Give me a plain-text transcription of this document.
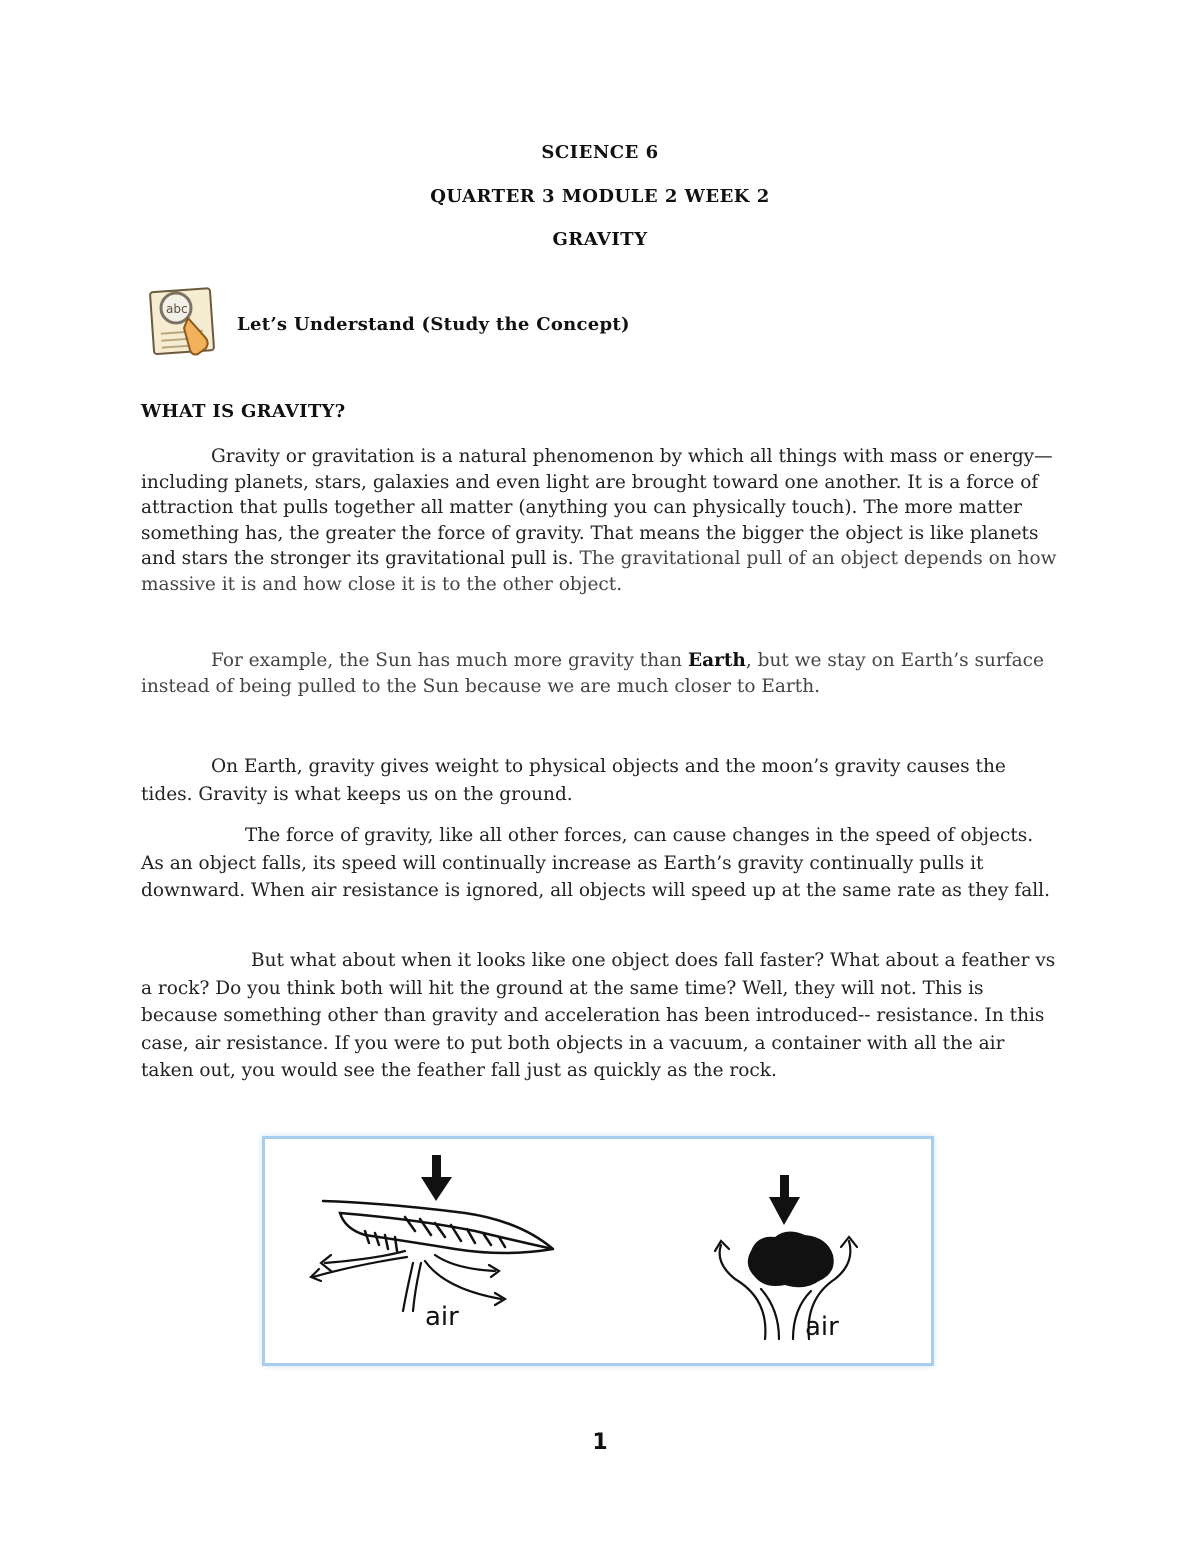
SCIENCE 6
QUARTER 3 MODULE 2 WEEK 2
GRAVITY
abc
Let’s Understand (Study the Concept)
WHAT IS GRAVITY?

Gravity or gravitation is a natural phenomenon by which all things with mass or energy—including planets, stars, galaxies and even light are brought toward one another. It is a force of attraction that pulls together all matter (anything you can physically touch). The more matter something has, the greater the force of gravity. That means the bigger the object is like planets and stars the stronger its gravitational pull is. The gravitational pull of an object depends on how massive it is and how close it is to the other object.

For example, the Sun has much more gravity than Earth, but we stay on Earth’s surface instead of being pulled to the Sun because we are much closer to Earth.

On Earth, gravity gives weight to physical objects and the moon’s gravity causes the tides. Gravity is what keeps us on the ground.

The force of gravity, like all other forces, can cause changes in the speed of objects. As an object falls, its speed will continually increase as Earth’s gravity continually pulls it downward. When air resistance is ignored, all objects will speed up at the same rate as they fall.

But what about when it looks like one object does fall faster? What about a feather vs a rock? Do you think both will hit the ground at the same time? Well, they will not. This is because something other than gravity and acceleration has been introduced-- resistance. In this case, air resistance. If you were to put both objects in a vacuum, a container with all the air taken out, you would see the feather fall just as quickly as the rock.

air	air
1
